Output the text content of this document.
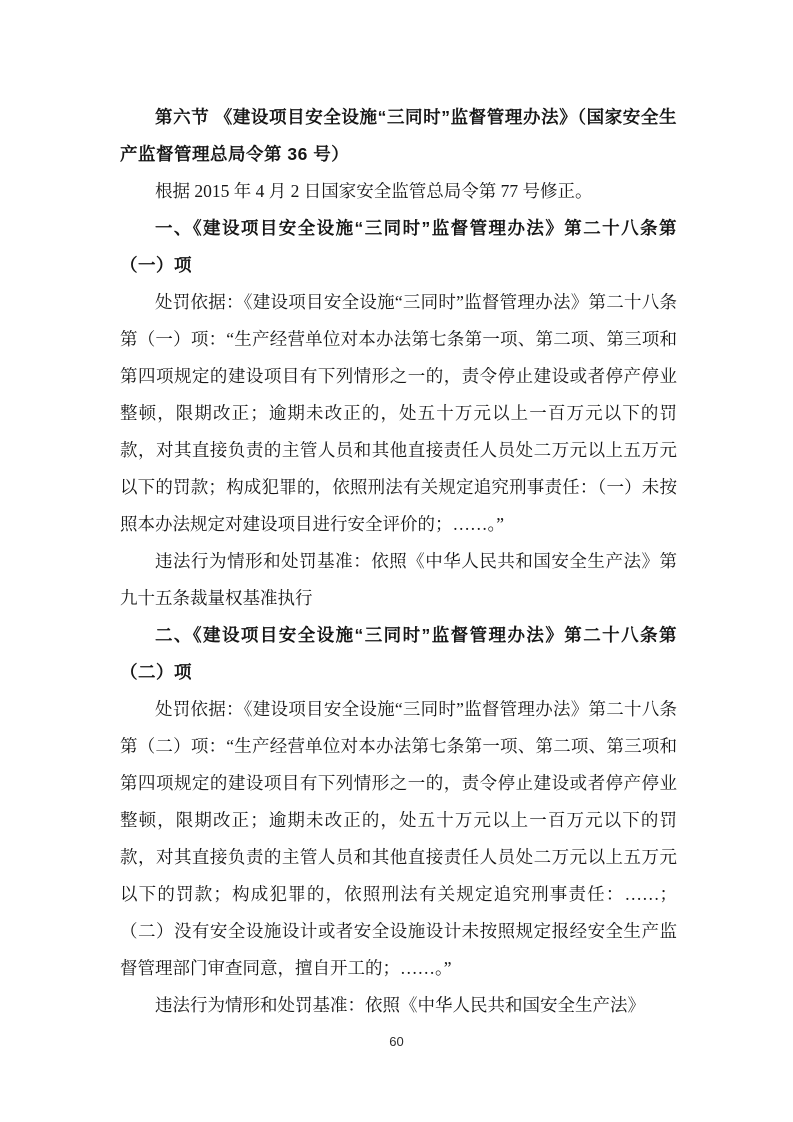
第六节 《建设项目安全设施“三同时”监督管理办法》（国家安全生产监督管理总局令第 36 号）

根据 2015 年 4 月 2 日国家安全监管总局令第 77 号修正。

一、《建设项目安全设施“三同时”监督管理办法》第二十八条第（一）项

处罚依据：《建设项目安全设施“三同时”监督管理办法》第二十八条第（一）项：“生产经营单位对本办法第七条第一项、第二项、第三项和第四项规定的建设项目有下列情形之一的，责令停止建设或者停产停业整顿，限期改正；逾期未改正的，处五十万元以上一百万元以下的罚款，对其直接负责的主管人员和其他直接责任人员处二万元以上五万元以下的罚款；构成犯罪的，依照刑法有关规定追究刑事责任：（一）未按照本办法规定对建设项目进行安全评价的；……。”

违法行为情形和处罚基准：依照《中华人民共和国安全生产法》第九十五条裁量权基准执行

二、《建设项目安全设施“三同时”监督管理办法》第二十八条第（二）项

处罚依据：《建设项目安全设施“三同时”监督管理办法》第二十八条第（二）项：“生产经营单位对本办法第七条第一项、第二项、第三项和第四项规定的建设项目有下列情形之一的，责令停止建设或者停产停业整顿，限期改正；逾期未改正的，处五十万元以上一百万元以下的罚款，对其直接负责的主管人员和其他直接责任人员处二万元以上五万元以下的罚款；构成犯罪的，依照刑法有关规定追究刑事责任：……；（二）没有安全设施设计或者安全设施设计未按照规定报经安全生产监督管理部门审查同意，擅自开工的；……。”

违法行为情形和处罚基准：依照《中华人民共和国安全生产法》

60
